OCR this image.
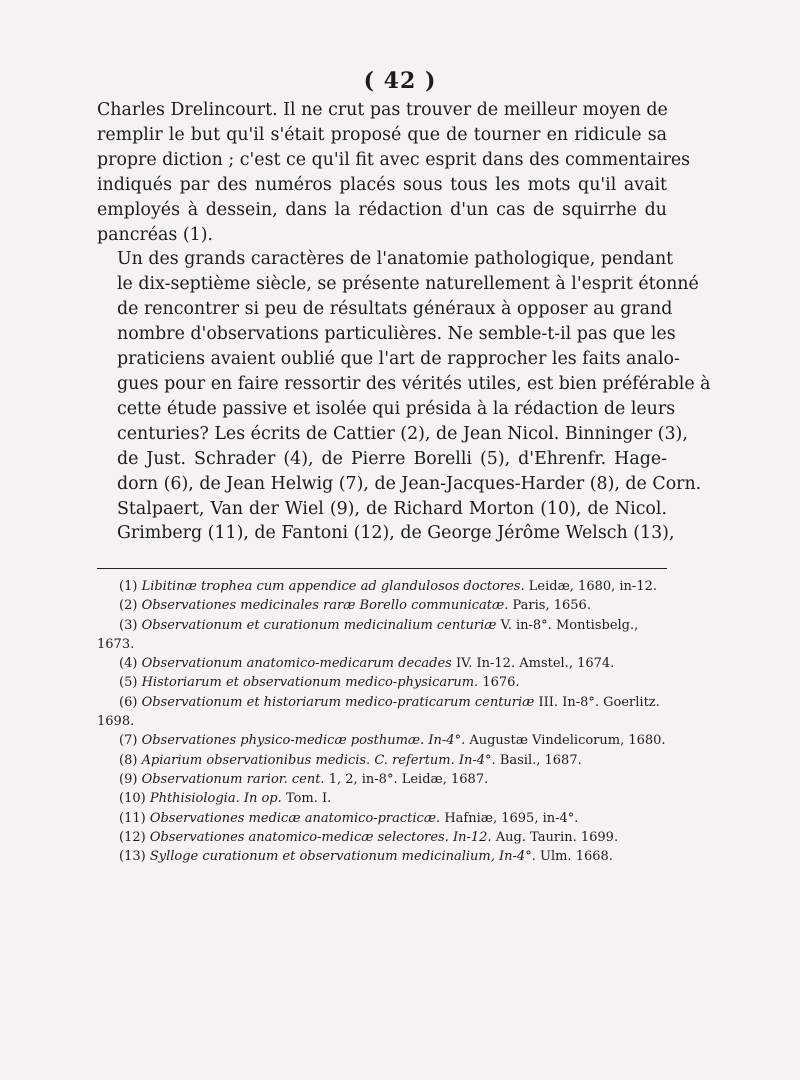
( 42 )

Charles Drelincourt. Il ne crut pas trouver de meilleur moyen de
remplir le but qu'il s'était proposé que de tourner en ridicule sa
propre diction ; c'est ce qu'il fit avec esprit dans des commentaires
indiqués par des numéros placés sous tous les mots qu'il avait
employés à dessein, dans la rédaction d'un cas de squirrhe du
pancréas (1).

Un des grands caractères de l'anatomie pathologique, pendant
le dix-septième siècle, se présente naturellement à l'esprit étonné
de rencontrer si peu de résultats généraux à opposer au grand
nombre d'observations particulières. Ne semble-t-il pas que les
praticiens avaient oublié que l'art de rapprocher les faits analo-
gues pour en faire ressortir des vérités utiles, est bien préférable à
cette étude passive et isolée qui présida à la rédaction de leurs
centuries? Les écrits de Cattier (2), de Jean Nicol. Binninger (3),
de Just. Schrader (4), de Pierre Borelli (5), d'Ehrenfr. Hage-
dorn (6), de Jean Helwig (7), de Jean-Jacques-Harder (8), de Corn.
Stalpaert, Van der Wiel (9), de Richard Morton (10), de Nicol.
Grimberg (11), de Fantoni (12), de George Jérôme Welsch (13),

(1) Libitinæ trophea cum appendice ad glandulosos doctores. Leidæ, 1680, in-12.

(2) Observationes medicinales raræ Borello communicatæ. Paris, 1656.

(3) Observationum et curationum medicinalium centuriæ V. in-8°. Montisbelg., 1673.

(4) Observationum anatomico-medicarum decades IV. In-12. Amstel., 1674.

(5) Historiarum et observationum medico-physicarum. 1676.

(6) Observationum et historiarum medico-praticarum centuriæ III. In-8°. Goerlitz. 1698.

(7) Observationes physico-medicæ posthumæ. In-4°. Augustæ Vindelicorum, 1680.

(8) Apiarium observationibus medicis. C. refertum. In-4°. Basil., 1687.

(9) Observationum rarior. cent. 1, 2, in-8°. Leidæ, 1687.

(10) Phthisiologia. In op. Tom. I.

(11) Observationes medicæ anatomico-practicæ. Hafniæ, 1695, in-4°.

(12) Observationes anatomico-medicæ selectores. In-12. Aug. Taurin. 1699.

(13) Sylloge curationum et observationum medicinalium, In-4°. Ulm. 1668.
